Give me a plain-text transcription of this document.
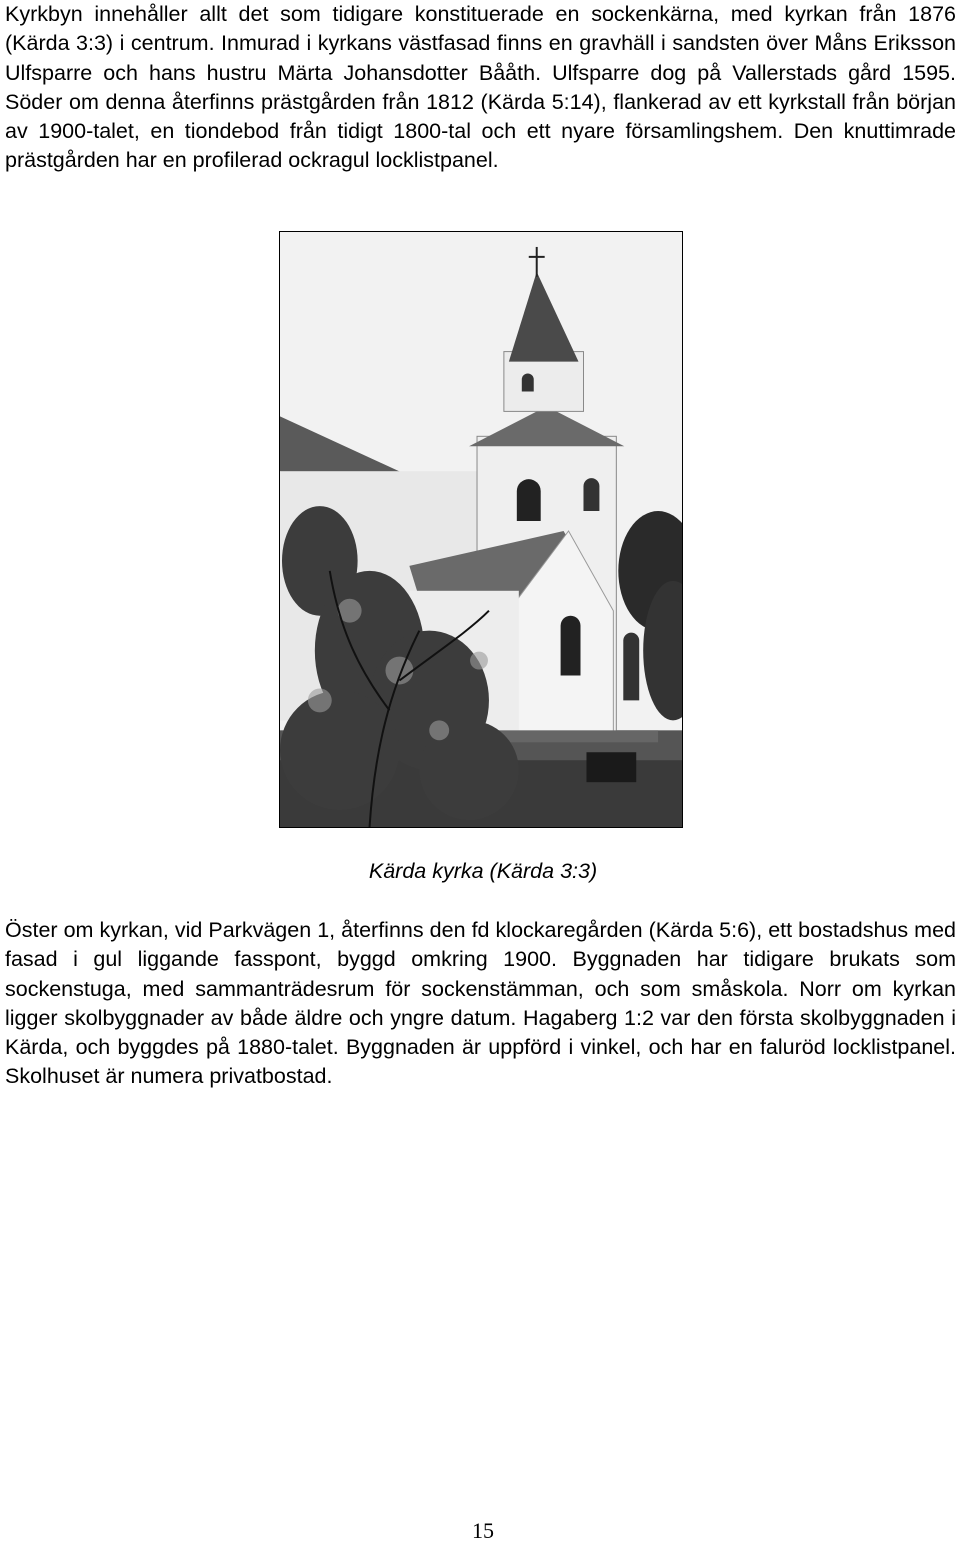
Kyrkbyn innehåller allt det som tidigare konstituerade en sockenkärna, med kyrkan från 1876 (Kärda 3:3) i centrum. Inmurad i kyrkans västfasad finns en gravhäll i sandsten över Måns Eriksson Ulfsparre och hans hustru Märta Johansdotter Bååth. Ulfsparre dog på Vallerstads gård 1595. Söder om denna återfinns prästgården från 1812 (Kärda 5:14), flankerad av ett kyrkstall från början av 1900-talet, en tiondebod från tidigt 1800-tal och ett nyare församlingshem. Den knuttimrade prästgården har en profilerad ockragul locklistpanel.

Kärda kyrka (Kärda 3:3)

Öster om kyrkan, vid Parkvägen 1, återfinns den fd klockaregården (Kärda 5:6), ett bostadshus med fasad i gul liggande fasspont, byggd omkring 1900. Byggnaden har tidigare brukats som sockenstuga, med sammanträdesrum för sockenstämman, och som småskola. Norr om kyrkan ligger skolbyggnader av både äldre och yngre datum. Hagaberg 1:2 var den första skolbyggnaden i Kärda, och byggdes på 1880-talet. Byggnaden är uppförd i vinkel, och har en faluröd locklistpanel. Skolhuset är numera privatbostad.

15
